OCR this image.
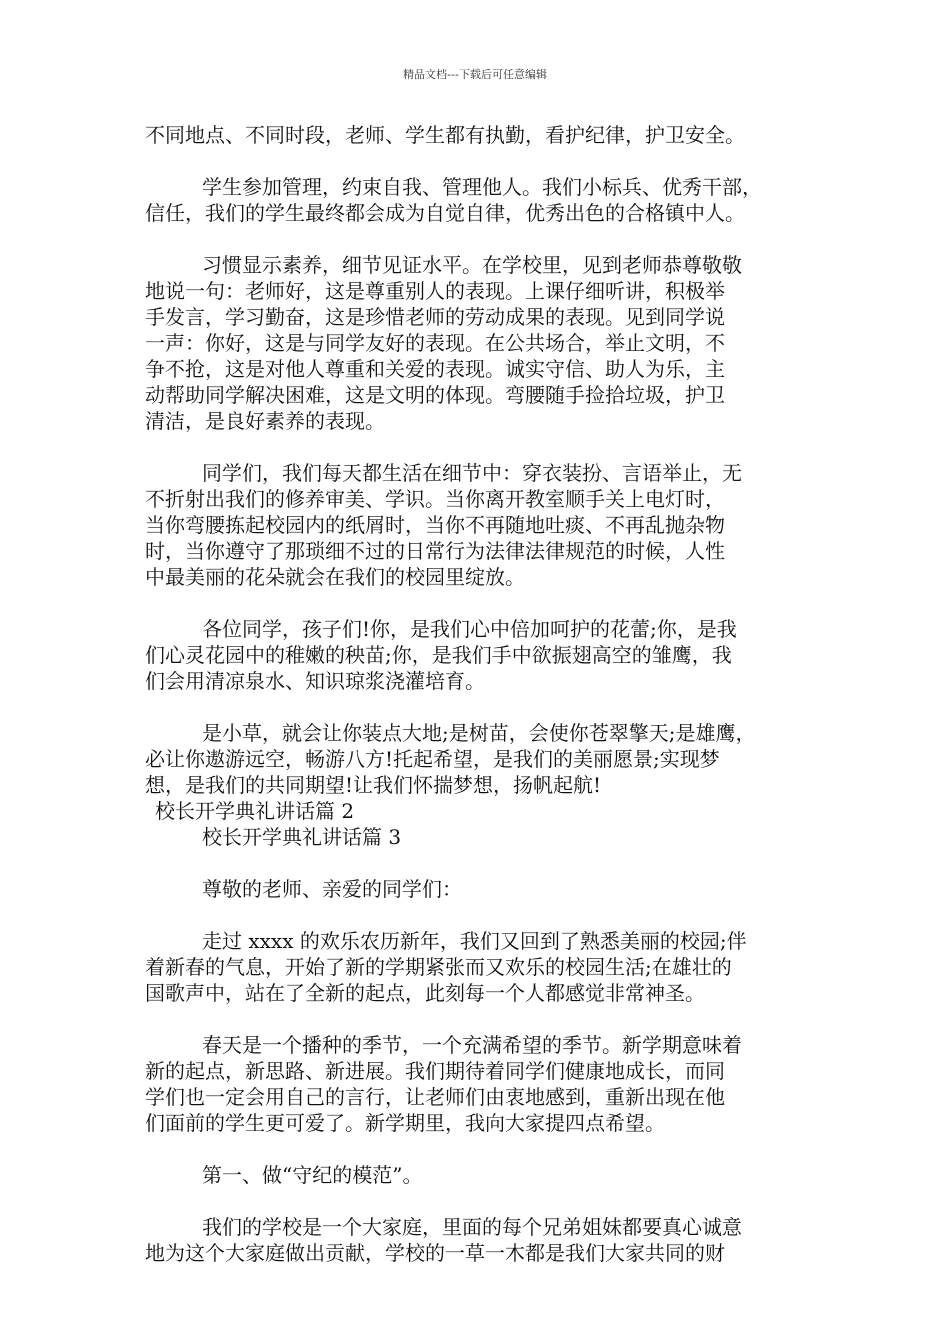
精品文档---下载后可任意编辑
不同地点、不同时段，老师、学生都有执勤，看护纪律，护卫安全。
学生参加管理，约束自我、管理他人。我们小标兵、优秀干部，
信任，我们的学生最终都会成为自觉自律，优秀出色的合格镇中人。
习惯显示素养，细节见证水平。在学校里，见到老师恭尊敬敬
地说一句：老师好，这是尊重别人的表现。上课仔细听讲，积极举
手发言，学习勤奋，这是珍惜老师的劳动成果的表现。见到同学说
一声：你好，这是与同学友好的表现。在公共场合，举止文明，不
争不抢，这是对他人尊重和关爱的表现。诚实守信、助人为乐，主
动帮助同学解决困难，这是文明的体现。弯腰随手捡拾垃圾，护卫
清洁，是良好素养的表现。
同学们，我们每天都生活在细节中：穿衣装扮、言语举止，无
不折射出我们的修养审美、学识。当你离开教室顺手关上电灯时，
当你弯腰拣起校园内的纸屑时，当你不再随地吐痰、不再乱抛杂物
时，当你遵守了那琐细不过的日常行为法律法律规范的时候，人性
中最美丽的花朵就会在我们的校园里绽放。
各位同学，孩子们!你，是我们心中倍加呵护的花蕾;你，是我
们心灵花园中的稚嫩的秧苗;你，是我们手中欲振翅高空的雏鹰，我
们会用清凉泉水、知识琼浆浇灌培育。
是小草，就会让你装点大地;是树苗，会使你苍翠擎天;是雄鹰，
必让你遨游远空，畅游八方!托起希望，是我们的美丽愿景;实现梦
想，是我们的共同期望!让我们怀揣梦想，扬帆起航!
校长开学典礼讲话篇 2
校长开学典礼讲话篇 3
尊敬的老师、亲爱的同学们：
走过 xxxx 的欢乐农历新年，我们又回到了熟悉美丽的校园;伴
着新春的气息，开始了新的学期紧张而又欢乐的校园生活;在雄壮的
国歌声中，站在了全新的起点，此刻每一个人都感觉非常神圣。
春天是一个播种的季节，一个充满希望的季节。新学期意味着
新的起点，新思路、新进展。我们期待着同学们健康地成长，而同
学们也一定会用自己的言行，让老师们由衷地感到，重新出现在他
们面前的学生更可爱了。新学期里，我向大家提四点希望。
第一、做“守纪的模范”。
我们的学校是一个大家庭，里面的每个兄弟姐妹都要真心诚意
地为这个大家庭做出贡献，学校的一草一木都是我们大家共同的财
